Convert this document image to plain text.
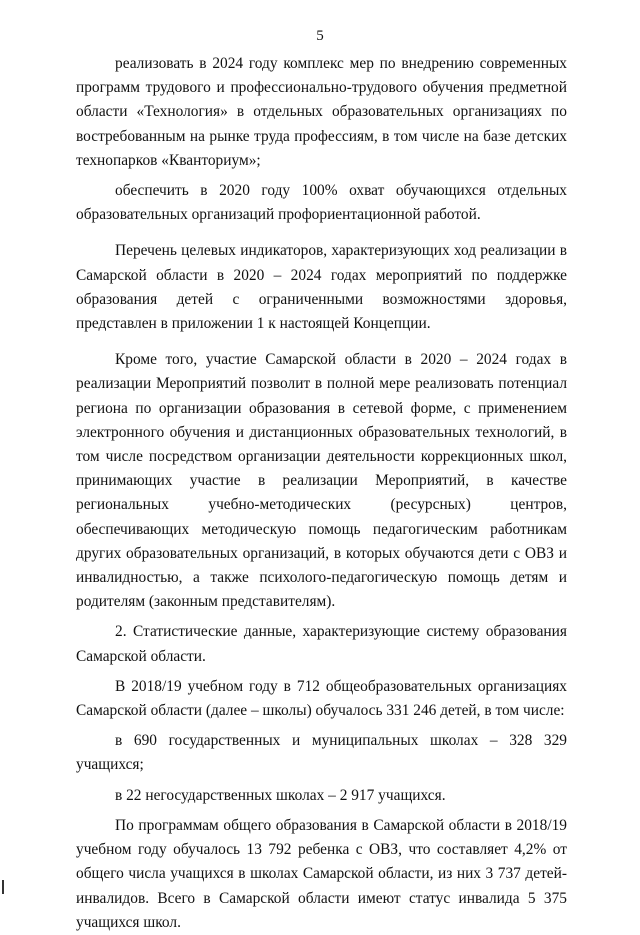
5

реализовать в 2024 году комплекс мер по внедрению современных программ трудового и профессионально-трудового обучения предметной области «Технология» в отдельных образовательных организациях по востребованным на рынке труда профессиям, в том числе на базе детских технопарков «Кванториум»;

обеспечить в 2020 году 100% охват обучающихся отдельных образовательных организаций профориентационной работой.

Перечень целевых индикаторов, характеризующих ход реализации в Самарской области в 2020 – 2024 годах мероприятий по поддержке образования детей с ограниченными возможностями здоровья, представлен в приложении 1 к настоящей Концепции.

Кроме того, участие Самарской области в 2020 – 2024 годах в реализации Мероприятий позволит в полной мере реализовать потенциал региона по организации образования в сетевой форме, с применением электронного обучения и дистанционных образовательных технологий, в том числе посредством организации деятельности коррекционных школ, принимающих участие в реализации Мероприятий, в качестве региональных учебно-методических (ресурсных) центров, обеспечивающих методическую помощь педагогическим работникам других образовательных организаций, в которых обучаются дети с ОВЗ и инвалидностью, а также психолого-педагогическую помощь детям и родителям (законным представителям).

2. Статистические данные, характеризующие систему образования Самарской области.

В 2018/19 учебном году в 712 общеобразовательных организациях Самарской области (далее – школы) обучалось 331 246 детей, в том числе:

в 690 государственных и муниципальных школах – 328 329 учащихся;

в 22 негосударственных школах – 2 917 учащихся.

По программам общего образования в Самарской области в 2018/19 учебном году обучалось 13 792 ребенка с ОВЗ, что составляет 4,2% от общего числа учащихся в школах Самарской области, из них 3 737 детей-инвалидов. Всего в Самарской области имеют статус инвалида 5 375 учащихся школ.
